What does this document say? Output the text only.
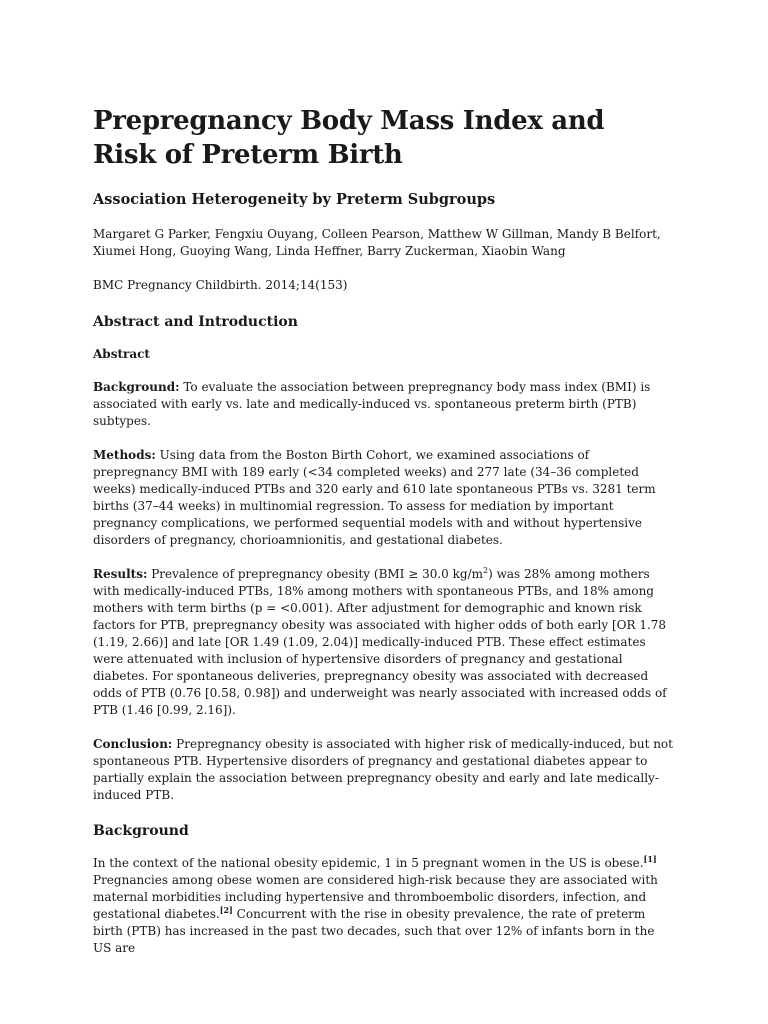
Prepregnancy Body Mass Index and Risk of Preterm Birth
Association Heterogeneity by Preterm Subgroups

Margaret G Parker, Fengxiu Ouyang, Colleen Pearson, Matthew W Gillman, Mandy B Belfort, Xiumei Hong, Guoying Wang, Linda Heffner, Barry Zuckerman, Xiaobin Wang

BMC Pregnancy Childbirth. 2014;14(153)

Abstract and Introduction
Abstract

Background: To evaluate the association between prepregnancy body mass index (BMI) is associated with early vs. late and medically-induced vs. spontaneous preterm birth (PTB) subtypes.

Methods: Using data from the Boston Birth Cohort, we examined associations of prepregnancy BMI with 189 early (<34 completed weeks) and 277 late (34–36 completed weeks) medically-induced PTBs and 320 early and 610 late spontaneous PTBs vs. 3281 term births (37–44 weeks) in multinomial regression. To assess for mediation by important pregnancy complications, we performed sequential models with and without hypertensive disorders of pregnancy, chorioamnionitis, and gestational diabetes.

Results: Prevalence of prepregnancy obesity (BMI ≥ 30.0 $kg/m^2$) was 28% among mothers with medically-induced PTBs, 18% among mothers with spontaneous PTBs, and 18% among mothers with term births (p = <0.001). After adjustment for demographic and known risk factors for PTB, prepregnancy obesity was associated with higher odds of both early [OR 1.78 (1.19, 2.66)] and late [OR 1.49 (1.09, 2.04)] medically-induced PTB. These effect estimates were attenuated with inclusion of hypertensive disorders of pregnancy and gestational diabetes. For spontaneous deliveries, prepregnancy obesity was associated with decreased odds of PTB (0.76 [0.58, 0.98]) and underweight was nearly associated with increased odds of PTB (1.46 [0.99, 2.16]).

Conclusion: Prepregnancy obesity is associated with higher risk of medically-induced, but not spontaneous PTB. Hypertensive disorders of pregnancy and gestational diabetes appear to partially explain the association between prepregnancy obesity and early and late medically-induced PTB.

Background

In the context of the national obesity epidemic, 1 in 5 pregnant women in the US is obese.[1] Pregnancies among obese women are considered high-risk because they are associated with maternal morbidities including hypertensive and thromboembolic disorders, infection, and gestational diabetes.[2] Concurrent with the rise in obesity prevalence, the rate of preterm birth (PTB) has increased in the past two decades, such that over 12% of infants born in the US are
